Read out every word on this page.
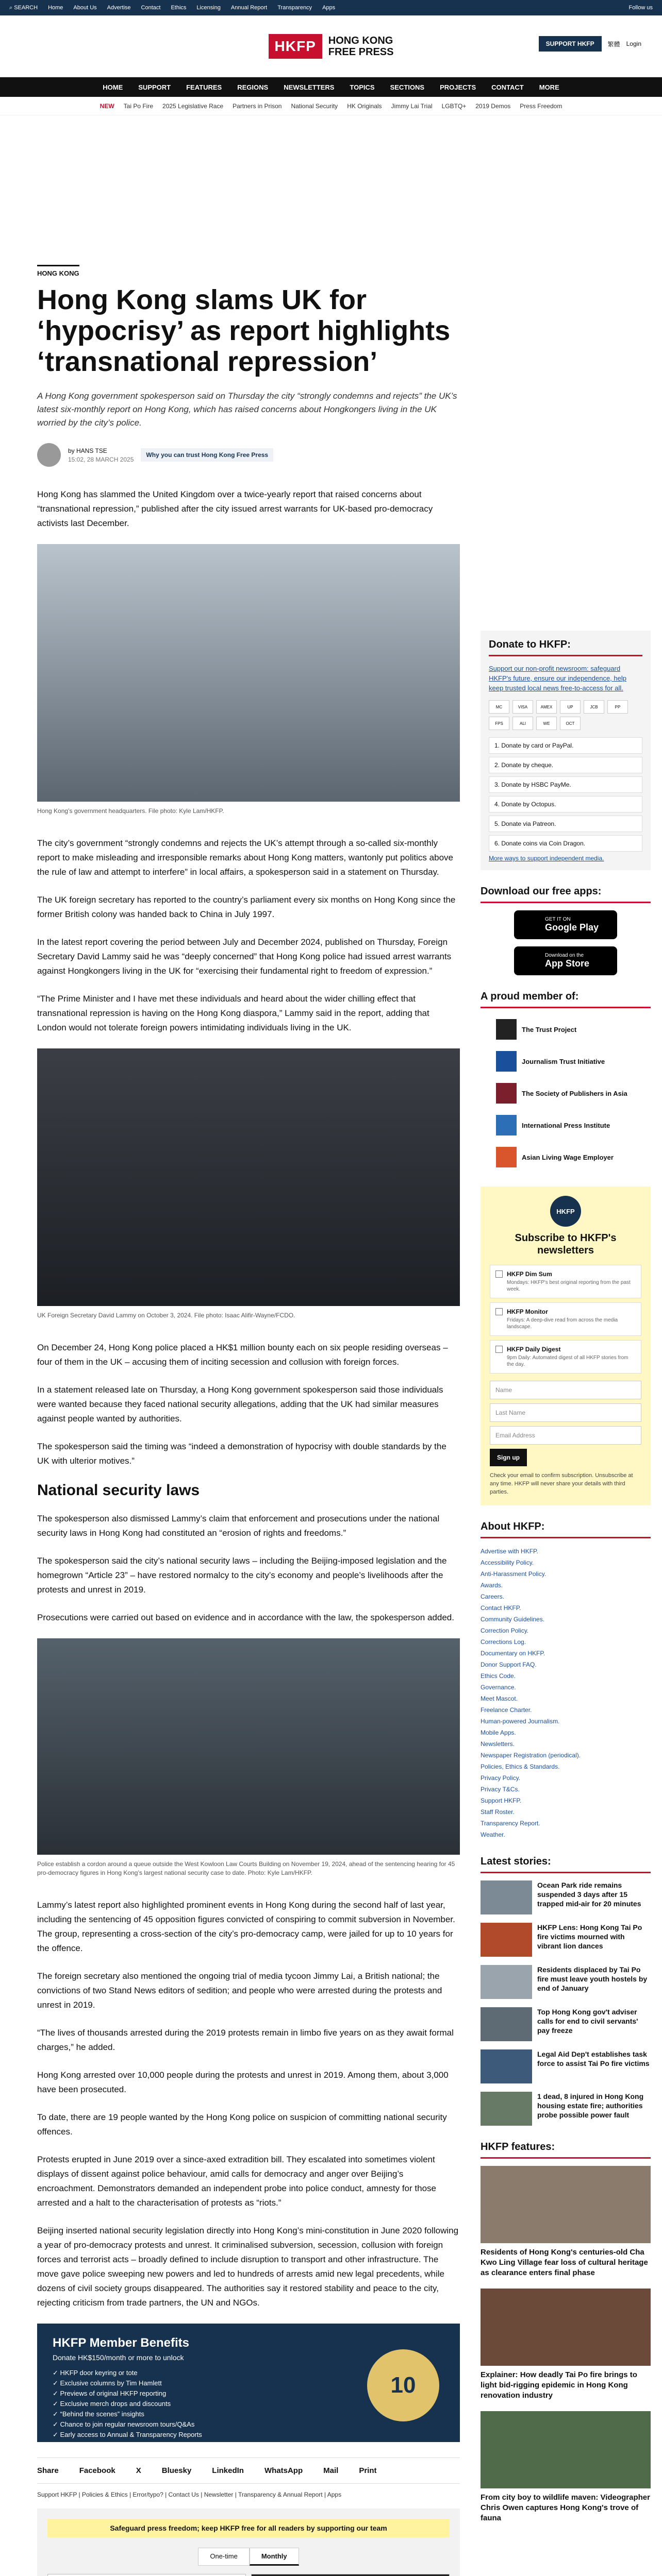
⌕ SEARCH Home About Us Advertise Contact Ethics Licensing Annual Report Transparency Apps	Follow us
HKFP	HONG KONG
FREE PRESS
SUPPORT HKFP	繁體 Login
HOME SUPPORT FEATURES REGIONS NEWSLETTERS TOPICS SECTIONS PROJECTS CONTACT MORE
NEW Tai Po Fire 2025 Legislative Race Partners in Prison National Security HK Originals Jimmy Lai Trial LGBTQ+ 2019 Demos Press Freedom
HONG KONG
Hong Kong slams UK for ‘hypocrisy’ as report highlights ‘transnational repression’

A Hong Kong government spokesperson said on Thursday the city “strongly condemns and rejects” the UK’s latest six-monthly report on Hong Kong, which has raised concerns about Hongkongers living in the UK worried by the city’s police.

by HANS TSE
15:02, 28 MARCH 2025
Why you can trust Hong Kong Free Press

Hong Kong has slammed the United Kingdom over a twice-yearly report that raised concerns about “transnational repression,” published after the city issued arrest warrants for UK-based pro-democracy activists last December.

Hong Kong’s government headquarters. File photo: Kyle Lam/HKFP.

The city’s government “strongly condemns and rejects the UK’s attempt through a so-called six-monthly report to make misleading and irresponsible remarks about Hong Kong matters, wantonly put politics above the rule of law and attempt to interfere” in local affairs, a spokesperson said in a statement on Thursday.

The UK foreign secretary has reported to the country’s parliament every six months on Hong Kong since the former British colony was handed back to China in July 1997.

In the latest report covering the period between July and December 2024, published on Thursday, Foreign Secretary David Lammy said he was “deeply concerned” that Hong Kong police had issued arrest warrants against Hongkongers living in the UK for “exercising their fundamental right to freedom of expression.”

“The Prime Minister and I have met these individuals and heard about the wider chilling effect that transnational repression is having on the Hong Kong diaspora,” Lammy said in the report, adding that London would not tolerate foreign powers intimidating individuals living in the UK.

UK Foreign Secretary David Lammy on October 3, 2024. File photo: Isaac Alifir-Wayne/FCDO.

On December 24, Hong Kong police placed a HK$1 million bounty each on six people residing overseas – four of them in the UK – accusing them of inciting secession and collusion with foreign forces.

In a statement released late on Thursday, a Hong Kong government spokesperson said those individuals were wanted because they faced national security allegations, adding that the UK had similar measures against people wanted by authorities.

The spokesperson said the timing was “indeed a demonstration of hypocrisy with double standards by the UK with ulterior motives.”

National security laws

The spokesperson also dismissed Lammy’s claim that enforcement and prosecutions under the national security laws in Hong Kong had constituted an “erosion of rights and freedoms.”

The spokesperson said the city’s national security laws – including the Beijing-imposed legislation and the homegrown “Article 23” – have restored normalcy to the city’s economy and people’s livelihoods after the protests and unrest in 2019.

Prosecutions were carried out based on evidence and in accordance with the law, the spokesperson added.

Police establish a cordon around a queue outside the West Kowloon Law Courts Building on November 19, 2024, ahead of the sentencing hearing for 45 pro-democracy figures in Hong Kong’s largest national security case to date. Photo: Kyle Lam/HKFP.

Lammy’s latest report also highlighted prominent events in Hong Kong during the second half of last year, including the sentencing of 45 opposition figures convicted of conspiring to commit subversion in November. The group, representing a cross-section of the city’s pro-democracy camp, were jailed for up to 10 years for the offence.

The foreign secretary also mentioned the ongoing trial of media tycoon Jimmy Lai, a British national; the convictions of two Stand News editors of sedition; and people who were arrested during the protests and unrest in 2019.

“The lives of thousands arrested during the 2019 protests remain in limbo five years on as they await formal charges,” he added.

Hong Kong arrested over 10,000 people during the protests and unrest in 2019. Among them, about 3,000 have been prosecuted.

To date, there are 19 people wanted by the Hong Kong police on suspicion of committing national security offences.

Protests erupted in June 2019 over a since-axed extradition bill. They escalated into sometimes violent displays of dissent against police behaviour, amid calls for democracy and anger over Beijing’s encroachment. Demonstrators demanded an independent probe into police conduct, amnesty for those arrested and a halt to the characterisation of protests as “riots.”

Beijing inserted national security legislation directly into Hong Kong’s mini-constitution in June 2020 following a year of pro-democracy protests and unrest. It criminalised subversion, secession, collusion with foreign forces and terrorist acts – broadly defined to include disruption to transport and other infrastructure. The move gave police sweeping new powers and led to hundreds of arrests amid new legal precedents, while dozens of civil society groups disappeared. The authorities say it restored stability and peace to the city, rejecting criticism from trade partners, the UN and NGOs.

HKFP Member Benefits
Donate HK$150/month or more to unlock
✓ HKFP door keyring or tote
✓ Exclusive columns by Tim Hamlett
✓ Previews of original HKFP reporting
✓ Exclusive merch drops and discounts
✓ “Behind the scenes” insights
✓ Chance to join regular newsroom tours/Q&As
✓ Early access to Annual & Transparency Reports
✓ 80 thank-you banner ads disabled
10
Share	Facebook	X	Bluesky	LinkedIn	WhatsApp	Mail	Print
Support HKFP | Policies & Ethics | Error/typo? | Contact Us | Newsletter | Transparency & Annual Report | Apps
Safeguard press freedom; keep HKFP free for all readers by supporting our team
One-time	Monthly

Donate to HKFP:
Support our non-profit newsroom: safeguard HKFP's future, ensure our independence, help keep trusted local news free-to-access for all.
MC	VISA	AMEX	UP	JCB	PP
FPS	ALI	WE	OCT
1. Donate by card or PayPal.
2. Donate by cheque.
3. Donate by HSBC PayMe.
4. Donate by Octopus.
5. Donate via Patreon.
6. Donate coins via Coin Dragon.
More ways to support independent media.
Download our free apps:
GET IT ON
Google Play
Download on the
App Store
A proud member of:
The Trust Project
Journalism Trust Initiative
The Society of Publishers in Asia
International Press Institute
Asian Living Wage Employer
HKFP
Subscribe to HKFP's newsletters
HKFP Dim Sum
Mondays: HKFP's best original reporting from the past week.
HKFP Monitor
Fridays: A deep-dive read from across the media landscape.
HKFP Daily Digest
9pm Daily: Automated digest of all HKFP stories from the day.
Name
Last Name
Email Address
Sign up

Check your email to confirm subscription. Unsubscribe at any time. HKFP will never share your details with third parties.

About HKFP:
Advertise with HKFP.
Accessibility Policy.
Anti-Harassment Policy.
Awards.
Careers.
Contact HKFP.
Community Guidelines.
Correction Policy.
Corrections Log.
Documentary on HKFP.
Donor Support FAQ.
Ethics Code.
Governance.
Meet Mascot.
Freelance Charter.
Human-powered Journalism.
Mobile Apps.
Newsletters.
Newspaper Registration (periodical).
Policies, Ethics & Standards.
Privacy Policy.
Privacy T&Cs.
Support HKFP.
Staff Roster.
Transparency Report.
Weather.
Latest stories:
Ocean Park ride remains suspended 3 days after 15 trapped mid-air for 20 minutes
HKFP Lens: Hong Kong Tai Po fire victims mourned with vibrant lion dances
Residents displaced by Tai Po fire must leave youth hostels by end of January
Top Hong Kong gov't adviser calls for end to civil servants' pay freeze
Legal Aid Dep't establishes task force to assist Tai Po fire victims
1 dead, 8 injured in Hong Kong housing estate fire; authorities probe possible power fault
HKFP features:
Residents of Hong Kong's centuries-old Cha Kwo Ling Village fear loss of cultural heritage as clearance enters final phase
Explainer: How deadly Tai Po fire brings to light bid-rigging epidemic in Hong Kong renovation industry
From city boy to wildlife maven: Videographer Chris Owen captures Hong Kong's trove of fauna
